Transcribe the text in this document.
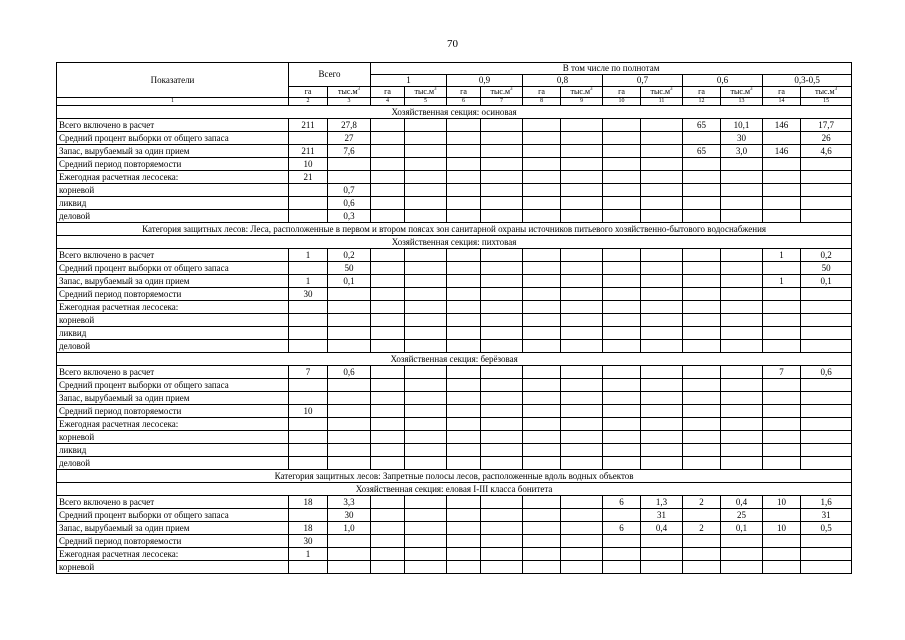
70
Показатели	Всего		В том числе по полнотам											
			1		0,9		0,8		0,7		0,6		0,3-0,5	
	га	$тыс.м^3$	га	$тыс.м^3$	га	$тыс.м^3$	га	$тыс.м^3$	га	$тыс.м^3$	га	$тыс.м^3$	га	$тыс.м^3$
1	2	3	4	5	6	7	8	9	10	11	12	13	14	15
Хозяйственная секция: осиновая														
Всего включено в расчет	211	27,8									65	10,1	146	17,7
Средний процент выборки от общего запаса		27										30		26
Запас, вырубаемый за один прием	211	7,6									65	3,0	146	4,6
Средний период повторяемости	10													
Ежегодная расчетная лесосека:	21													
корневой		0,7												
ликвид		0,6												
деловой		0,3												
Категория защитных лесов: Леса, расположенные в первом и втором поясах зон санитарной охраны источников питьевого хозяйственно-бытового водоснабжения														
Хозяйственная секция: пихтовая														
Всего включено в расчет	1	0,2											1	0,2
Средний процент выборки от общего запаса		50												50
Запас, вырубаемый за один прием	1	0,1											1	0,1
Средний период повторяемости	30													
Ежегодная расчетная лесосека:														
корневой														
ликвид														
деловой														
Хозяйственная секция: берёзовая														
Всего включено в расчет	7	0,6											7	0,6
Средний процент выборки от общего запаса														
Запас, вырубаемый за один прием														
Средний период повторяемости	10													
Ежегодная расчетная лесосека:														
корневой														
ликвид														
деловой														
Категория защитных лесов: Запретные полосы лесов, расположенные вдоль водных объектов														
Хозяйственная секция: еловая I-III класса бонитета														
Всего включено в расчет	18	3,3							6	1,3	2	0,4	10	1,6
Средний процент выборки от общего запаса		30								31		25		31
Запас, вырубаемый за один прием	18	1,0							6	0,4	2	0,1	10	0,5
Средний период повторяемости	30													
Ежегодная расчетная лесосека:	1													
корневой														
